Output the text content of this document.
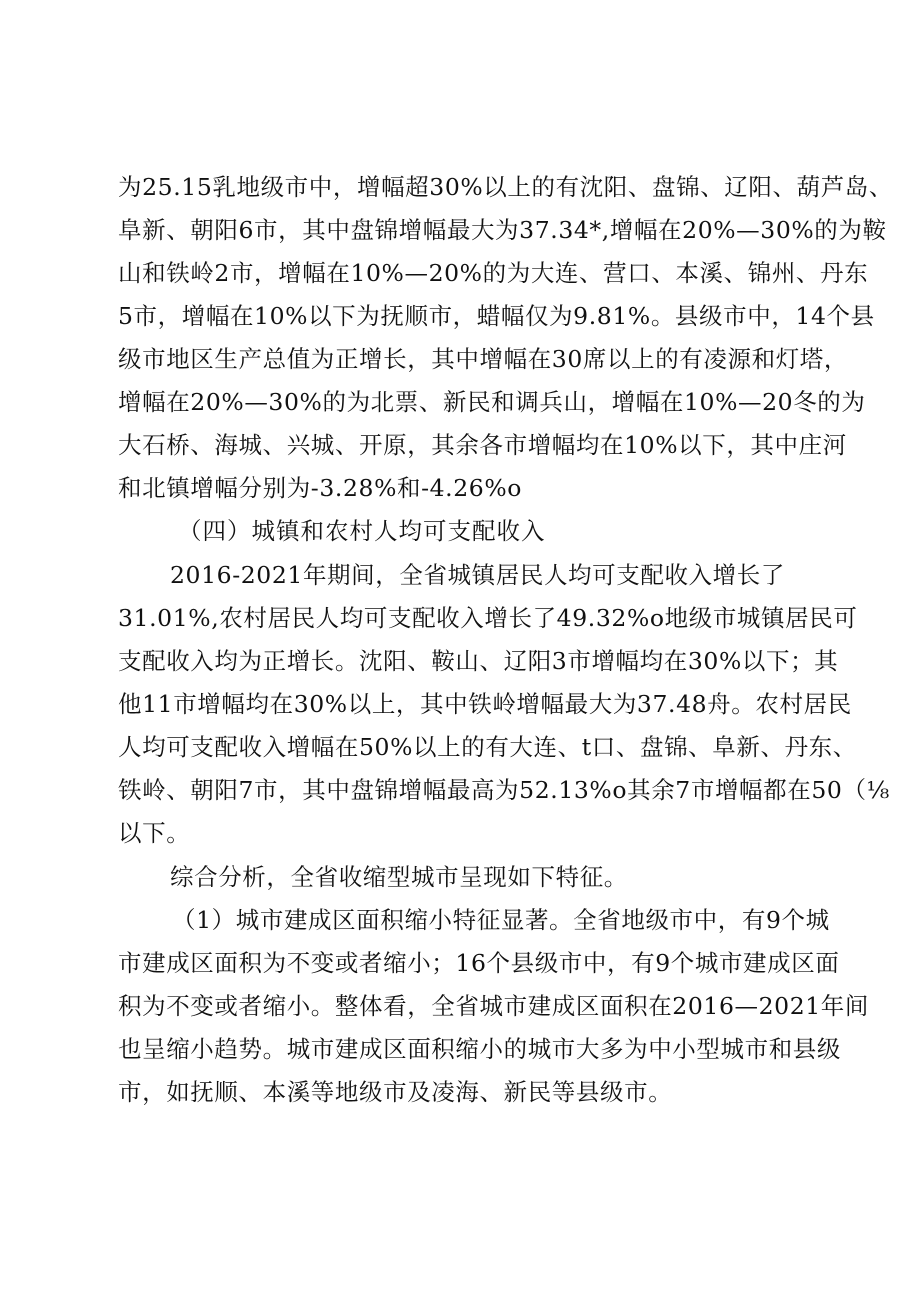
为25.15乳地级市中，增幅超30%以上的有沈阳、盘锦、辽阳、葫芦岛、
阜新、朝阳6市，其中盘锦增幅最大为37.34*,增幅在20%—30%的为鞍
山和铁岭2市，增幅在10%—20%的为大连、营口、本溪、锦州、丹东
5市，增幅在10%以下为抚顺市，蜡幅仅为9.81%。县级市中，14个县
级市地区生产总值为正增长，其中增幅在30席以上的有凌源和灯塔，
增幅在20%—30%的为北票、新民和调兵山，增幅在10%—20冬的为
大石桥、海城、兴城、开原，其余各市增幅均在10%以下，其中庄河
和北镇增幅分别为-3.28%和-4.26%o
（四）城镇和农村人均可支配收入
2016-2021年期间，全省城镇居民人均可支配收入增长了
31.01%,农村居民人均可支配收入增长了49.32%o地级市城镇居民可
支配收入均为正增长。沈阳、鞍山、辽阳3市增幅均在30%以下；其
他11市增幅均在30%以上，其中铁岭增幅最大为37.48舟。农村居民
人均可支配收入增幅在50%以上的有大连、t口、盘锦、阜新、丹东、
铁岭、朝阳7市，其中盘锦增幅最高为52.13%o其余7市增幅都在50（⅛
以下。
综合分析，全省收缩型城市呈现如下特征。
（1）城市建成区面积缩小特征显著。全省地级市中，有9个城
市建成区面积为不变或者缩小；16个县级市中，有9个城市建成区面
积为不变或者缩小。整体看，全省城市建成区面积在2016—2021年间
也呈缩小趋势。城市建成区面积缩小的城市大多为中小型城市和县级
市，如抚顺、本溪等地级市及凌海、新民等县级市。
